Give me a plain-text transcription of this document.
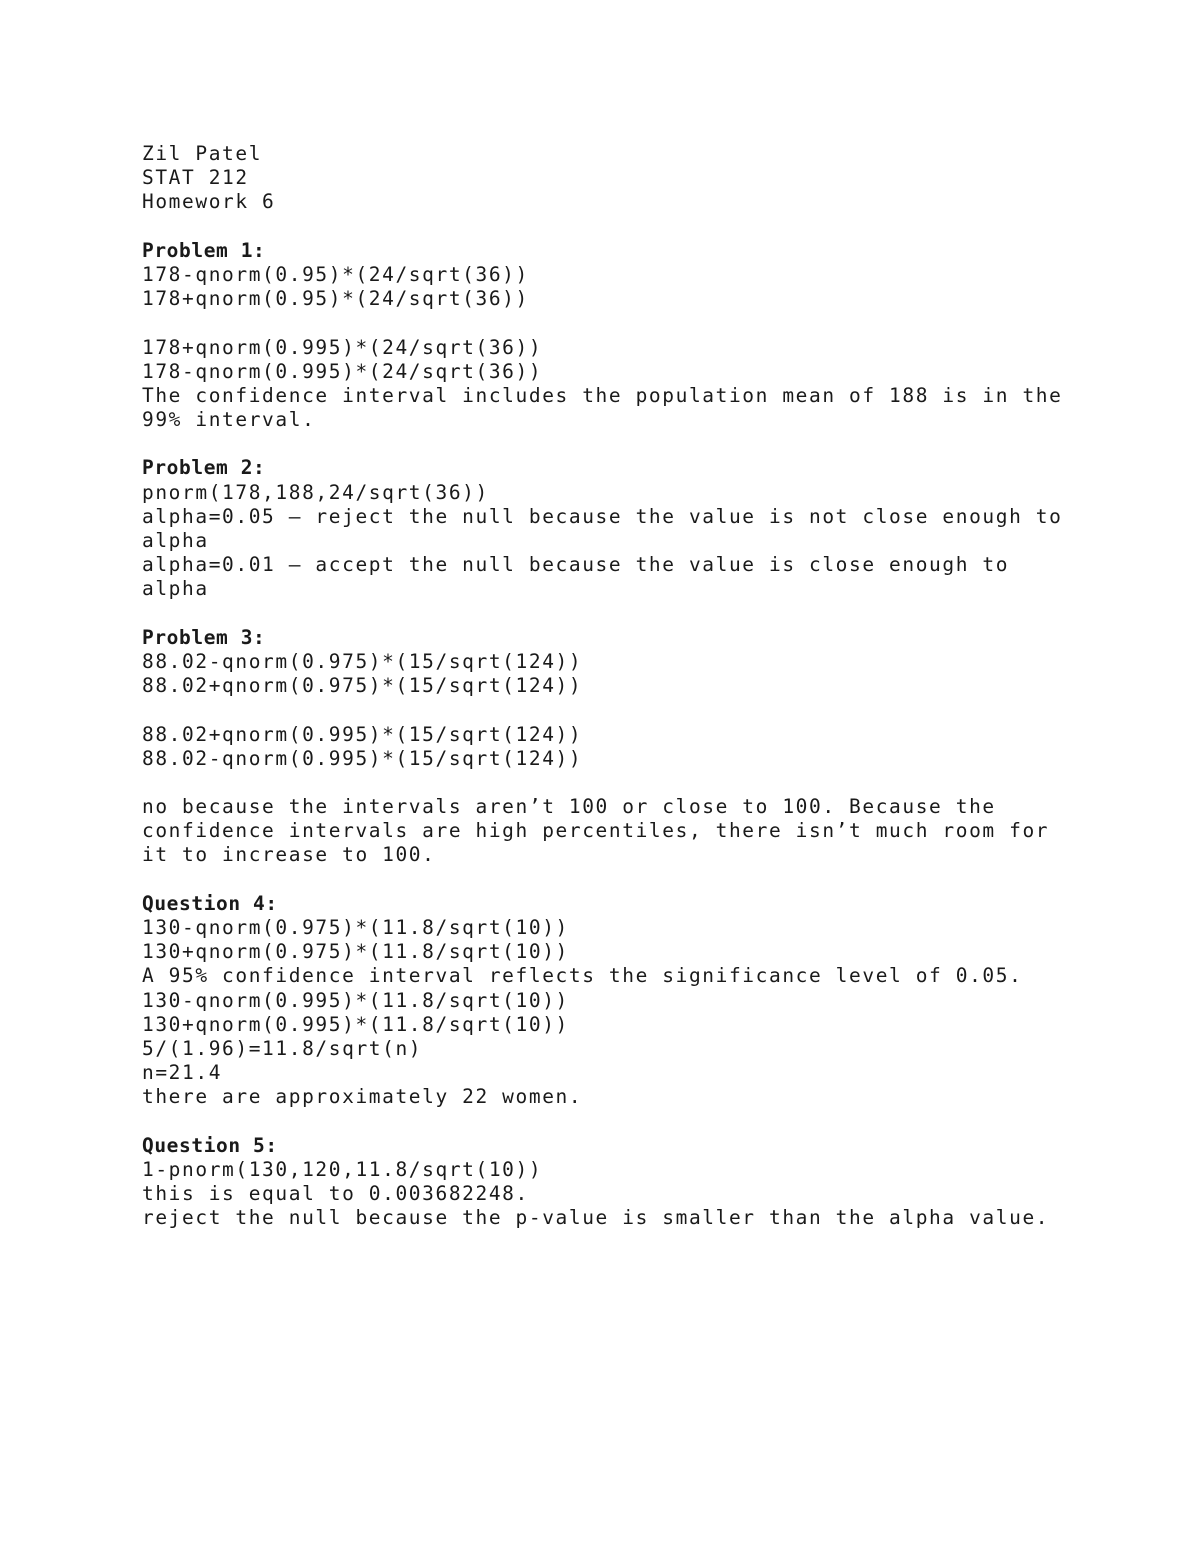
Zil Patel
STAT 212
Homework 6
Problem 1:
178-qnorm(0.95)*(24/sqrt(36))
178+qnorm(0.95)*(24/sqrt(36))
178+qnorm(0.995)*(24/sqrt(36))
178-qnorm(0.995)*(24/sqrt(36))
The confidence interval includes the population mean of 188 is in the
99% interval.
Problem 2:
pnorm(178,188,24/sqrt(36))
alpha=0.05 – reject the null because the value is not close enough to
alpha
alpha=0.01 – accept the null because the value is close enough to
alpha
Problem 3:
88.02-qnorm(0.975)*(15/sqrt(124))
88.02+qnorm(0.975)*(15/sqrt(124))
88.02+qnorm(0.995)*(15/sqrt(124))
88.02-qnorm(0.995)*(15/sqrt(124))
no because the intervals aren’t 100 or close to 100. Because the
confidence intervals are high percentiles, there isn’t much room for
it to increase to 100.
Question 4:
130-qnorm(0.975)*(11.8/sqrt(10))
130+qnorm(0.975)*(11.8/sqrt(10))
A 95% confidence interval reflects the significance level of 0.05.
130-qnorm(0.995)*(11.8/sqrt(10))
130+qnorm(0.995)*(11.8/sqrt(10))
5/(1.96)=11.8/sqrt(n)
n=21.4
there are approximately 22 women.
Question 5:
1-pnorm(130,120,11.8/sqrt(10))
this is equal to 0.003682248.
reject the null because the p-value is smaller than the alpha value.
